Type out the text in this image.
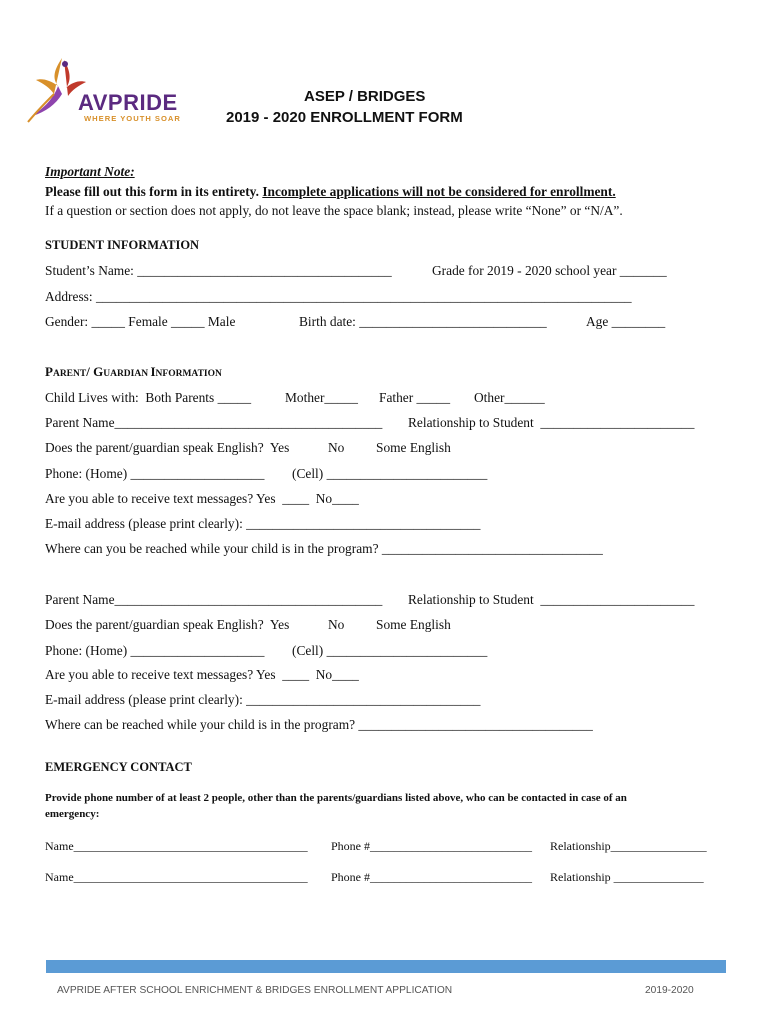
AVPRIDE
WHERE YOUTH SOAR
ASEP / BRIDGES
2019 - 2020 ENROLLMENT FORM
Important Note:
Please fill out this form in its entirety. Incomplete applications will not be considered for enrollment.
If a question or section does not apply, do not leave the space blank; instead, please write “None” or “N/A”.
STUDENT INFORMATION
Student’s Name: ______________________________________	Grade for 2019 - 2020 school year _______
Address: ________________________________________________________________________________
Gender: _____ Female _____ Male	Birth date: ____________________________	Age ________
PARENT/ GUARDIAN INFORMATION
Child Lives with:  Both Parents _____	Mother_____ Father _____ Other______
Parent Name________________________________________ Relationship to Student  _______________________
Does the parent/guardian speak English?  Yes	No Some English
Phone: (Home) ____________________ (Cell) ________________________
Are you able to receive text messages? Yes  ____  No____
E-mail address (please print clearly): ___________________________________
Where can you be reached while your child is in the program? _________________________________
Parent Name________________________________________ Relationship to Student  _______________________
Does the parent/guardian speak English?  Yes	No Some English
Phone: (Home) ____________________ (Cell) ________________________
Are you able to receive text messages? Yes  ____  No____
E-mail address (please print clearly): ___________________________________
Where can be reached while your child is in the program? ___________________________________
EMERGENCY CONTACT
Provide phone number of at least 2 people, other than the parents/guardians listed above, who can be contacted in case of an
emergency:
Name_______________________________________ Phone #___________________________ Relationship________________
Name_______________________________________ Phone #___________________________ Relationship _______________
AVPRIDE AFTER SCHOOL ENRICHMENT & BRIDGES ENROLLMENT APPLICATION	2019-2020
